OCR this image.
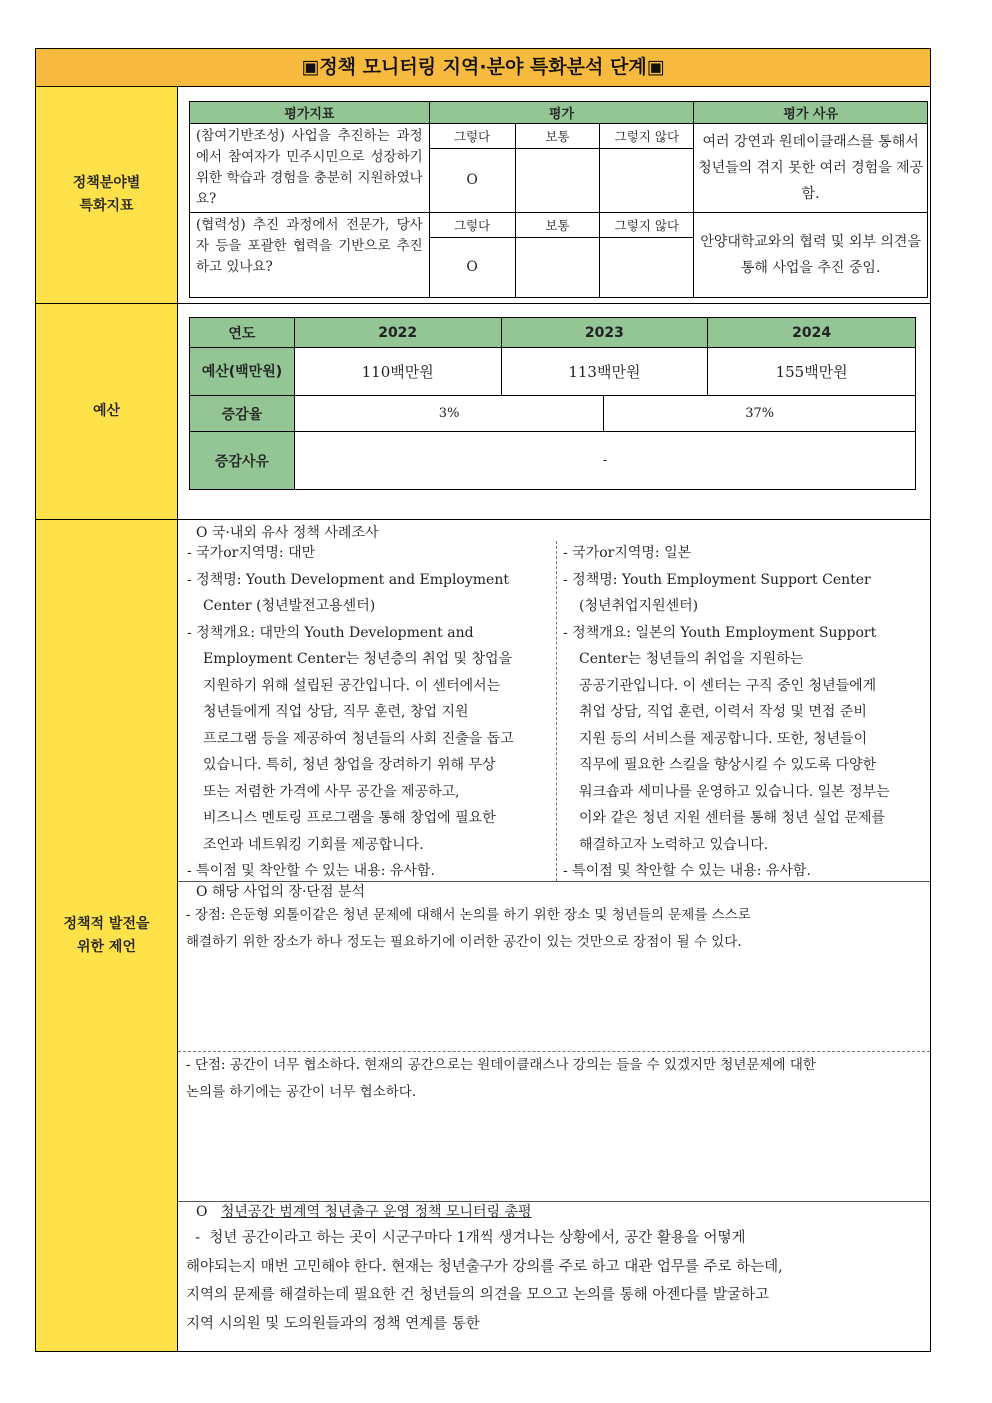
▣정책 모니터링 지역·분야 특화분석 단계▣
정책분야별
특화지표
예산
정책적 발전을
위한 제언
평가지표	평가			평가 사유
(참여기반조성) 사업을 추진하는 과정에서 참여자가 민주시민으로 성장하기 위한 학습과 경험을 충분히 지원하였나요?	그렇다	보통	그렇지 않다	여러 강연과 원데이클래스를 통해서 청년들의 겪지 못한 여러 경험을 제공함.
	O			
(협력성) 추진 과정에서 전문가, 당사자 등을 포괄한 협력을 기반으로 추진하고 있나요?	그렇다	보통	그렇지 않다	안양대학교와의 협력 및 외부 의견을 통해 사업을 추진 중임.
	O			
연도	2022	2023		2024
예산(백만원)	110백만원	113백만원		155백만원
증감율	3%		37%	
증감사유	-			
O 국·내외 유사 정책 사례조사

- 국가or지역명: 대만

- 정책명: Youth Development and Employment

Center (청년발전고용센터)

- 정책개요: 대만의 Youth Development and

Employment Center는 청년층의 취업 및 창업을

지원하기 위해 설립된 공간입니다. 이 센터에서는

청년들에게 직업 상담, 직무 훈련, 창업 지원

프로그램 등을 제공하여 청년들의 사회 진출을 돕고

있습니다. 특히, 청년 창업을 장려하기 위해 무상

또는 저렴한 가격에 사무 공간을 제공하고,

비즈니스 멘토링 프로그램을 통해 창업에 필요한

조언과 네트워킹 기회를 제공합니다.

- 특이점 및 착안할 수 있는 내용: 유사함.

- 국가or지역명: 일본

- 정책명: Youth Employment Support Center

(청년취업지원센터)

- 정책개요: 일본의 Youth Employment Support

Center는 청년들의 취업을 지원하는

공공기관입니다. 이 센터는 구직 중인 청년들에게

취업 상담, 직업 훈련, 이력서 작성 및 면접 준비

지원 등의 서비스를 제공합니다. 또한, 청년들이

직무에 필요한 스킬을 향상시킬 수 있도록 다양한

워크숍과 세미나를 운영하고 있습니다. 일본 정부는

이와 같은 청년 지원 센터를 통해 청년 실업 문제를

해결하고자 노력하고 있습니다.

- 특이점 및 착안할 수 있는 내용: 유사함.

O 해당 사업의 장·단점 분석

- 장점: 은둔형 외톨이같은 청년 문제에 대해서 논의를 하기 위한 장소 및 청년들의 문제를 스스로

해결하기 위한 장소가 하나 정도는 필요하기에 이러한 공간이 있는 것만으로 장점이 될 수 있다.

- 단점: 공간이 너무 협소하다. 현재의 공간으로는 원데이클래스나 강의는 들을 수 있겠지만 청년문제에 대한

논의를 하기에는 공간이 너무 협소하다.

O 청년공간 범계역 청년출구 운영 정책 모니터링 총평

-  청년 공간이라고 하는 곳이 시군구마다 1개씩 생겨나는 상황에서, 공간 활용을 어떻게

해야되는지 매번 고민해야 한다. 현재는 청년출구가 강의를 주로 하고 대관 업무를 주로 하는데,

지역의 문제를 해결하는데 필요한 건 청년들의 의견을 모으고 논의를 통해 아젠다를 발굴하고

지역 시의원 및 도의원들과의 정책 연계를 통한
